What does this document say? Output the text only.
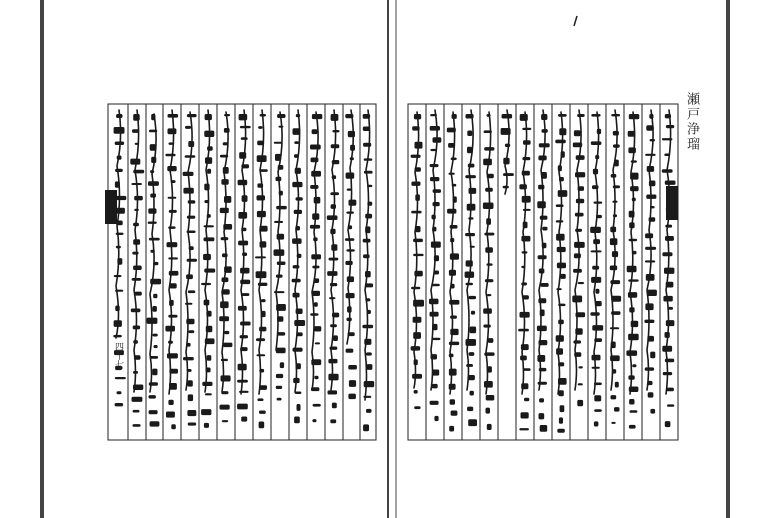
瀬戸浄瑠
四十七
